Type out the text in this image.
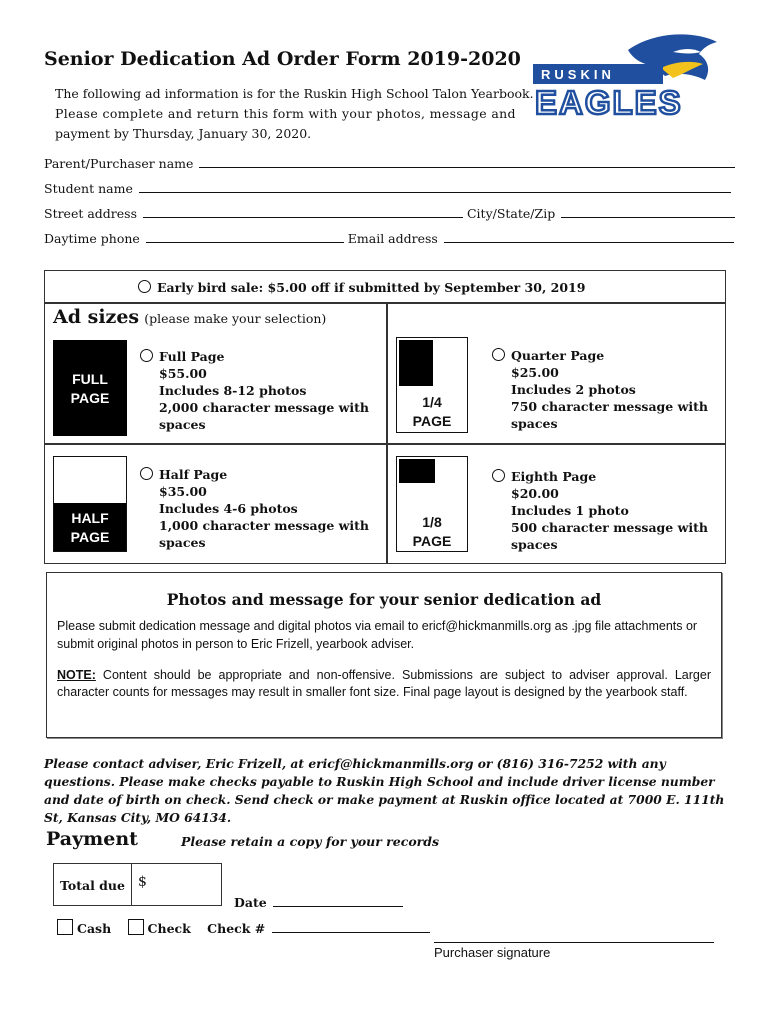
Senior Dedication Ad Order Form 2019-2020
The following ad information is for the Ruskin High School Talon Yearbook.
Please complete and return this form with your photos, message and
payment by Thursday, January 30, 2020.
RUSKIN
EAGLES
Parent/Purchaser name
Student name
Street address	City/State/Zip
Daytime phone	Email address
Early bird sale: $5.00 off if submitted by September 30, 2019
Ad sizes (please make your selection)
FULL
PAGE
Full Page
$55.00
Includes 8-12 photos
2,000 character message with
spaces
1/4
PAGE
Quarter Page
$25.00
Includes 2 photos
750 character message with
spaces
HALF
PAGE
Half Page
$35.00
Includes 4-6 photos
1,000 character message with
spaces
1/8
PAGE
Eighth Page
$20.00
Includes 1 photo
500 character message with
spaces
Photos and message for your senior dedication ad
Please submit dedication message and digital photos via email to ericf@hickmanmills.org as .jpg file attachments or submit original photos in person to Eric Frizell, yearbook adviser.
NOTE: Content should be appropriate and non-offensive. Submissions are subject to adviser approval. Larger character counts for messages may result in smaller font size. Final page layout is designed by the yearbook staff.
Please contact adviser, Eric Frizell, at ericf@hickmanmills.org or (816) 316-7252 with any questions. Please make checks payable to Ruskin High School and include driver license number and date of birth on check. Send check or make payment at Ruskin office located at 7000 E. 111th St, Kansas City, MO 64134.
Payment	Please retain a copy for your records
Total due $
Date
Cash	Check Check #
Purchaser signature
